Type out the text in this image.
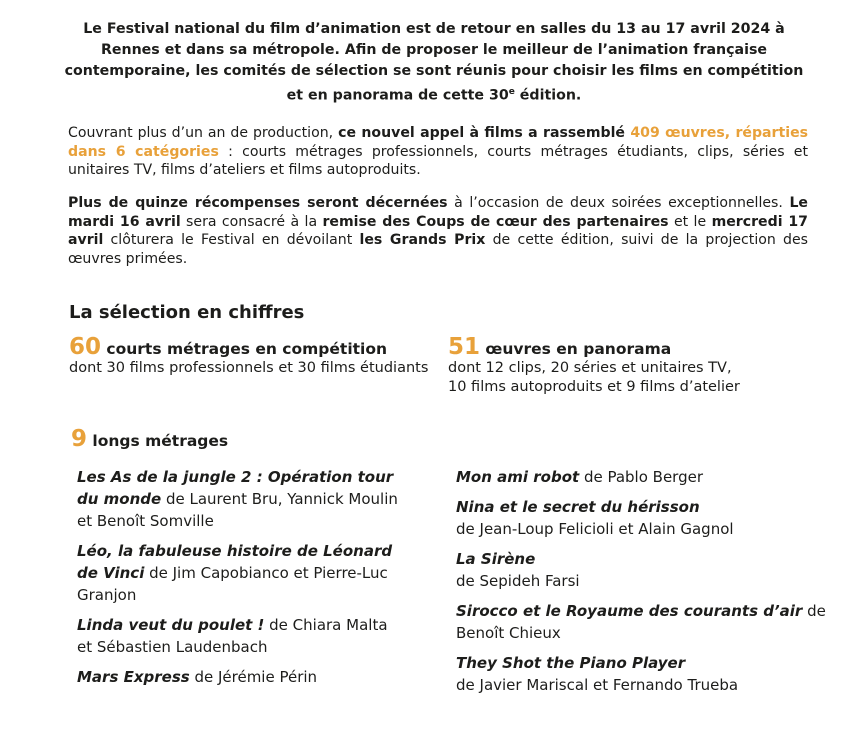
Le Festival national du film d’animation est de retour en salles du 13 au 17 avril 2024 à
Rennes et dans sa métropole. Afin de proposer le meilleur de l’animation française
contemporaine, les comités de sélection se sont réunis pour choisir les films en compétition
et en panorama de cette 30e édition.
Couvrant plus d’un an de production, ce nouvel appel à films a rassemblé 409 œuvres, réparties dans 6 catégories : courts métrages professionnels, courts métrages étudiants, clips, séries et unitaires TV, films d’ateliers et films autoproduits.
Plus de quinze récompenses seront décernées à l’occasion de deux soirées exceptionnelles. Le mardi 16 avril sera consacré à la remise des Coups de cœur des partenaires et le mercredi 17 avril clôturera le Festival en dévoilant les Grands Prix de cette édition, suivi de la projection des œuvres primées.
La sélection en chiffres
60 courts métrages en compétition
dont 30 films professionnels et 30 films étudiants
51 œuvres en panorama
dont 12 clips, 20 séries et unitaires TV,
10 films autoproduits et 9 films d’atelier
9 longs métrages
Les As de la jungle 2 : Opération tour du monde de Laurent Bru, Yannick Moulin et Benoît Somville
Léo, la fabuleuse histoire de Léonard de Vinci de Jim Capobianco et Pierre-Luc Granjon
Linda veut du poulet ! de Chiara Malta et Sébastien Laudenbach
Mars Express de Jérémie Périn
Mon ami robot de Pablo Berger
Nina et le secret du hérisson
de Jean-Loup Felicioli et Alain Gagnol
La Sirène
de Sepideh Farsi
Sirocco et le Royaume des courants d’air de Benoît Chieux
They Shot the Piano Player
de Javier Mariscal et Fernando Trueba
